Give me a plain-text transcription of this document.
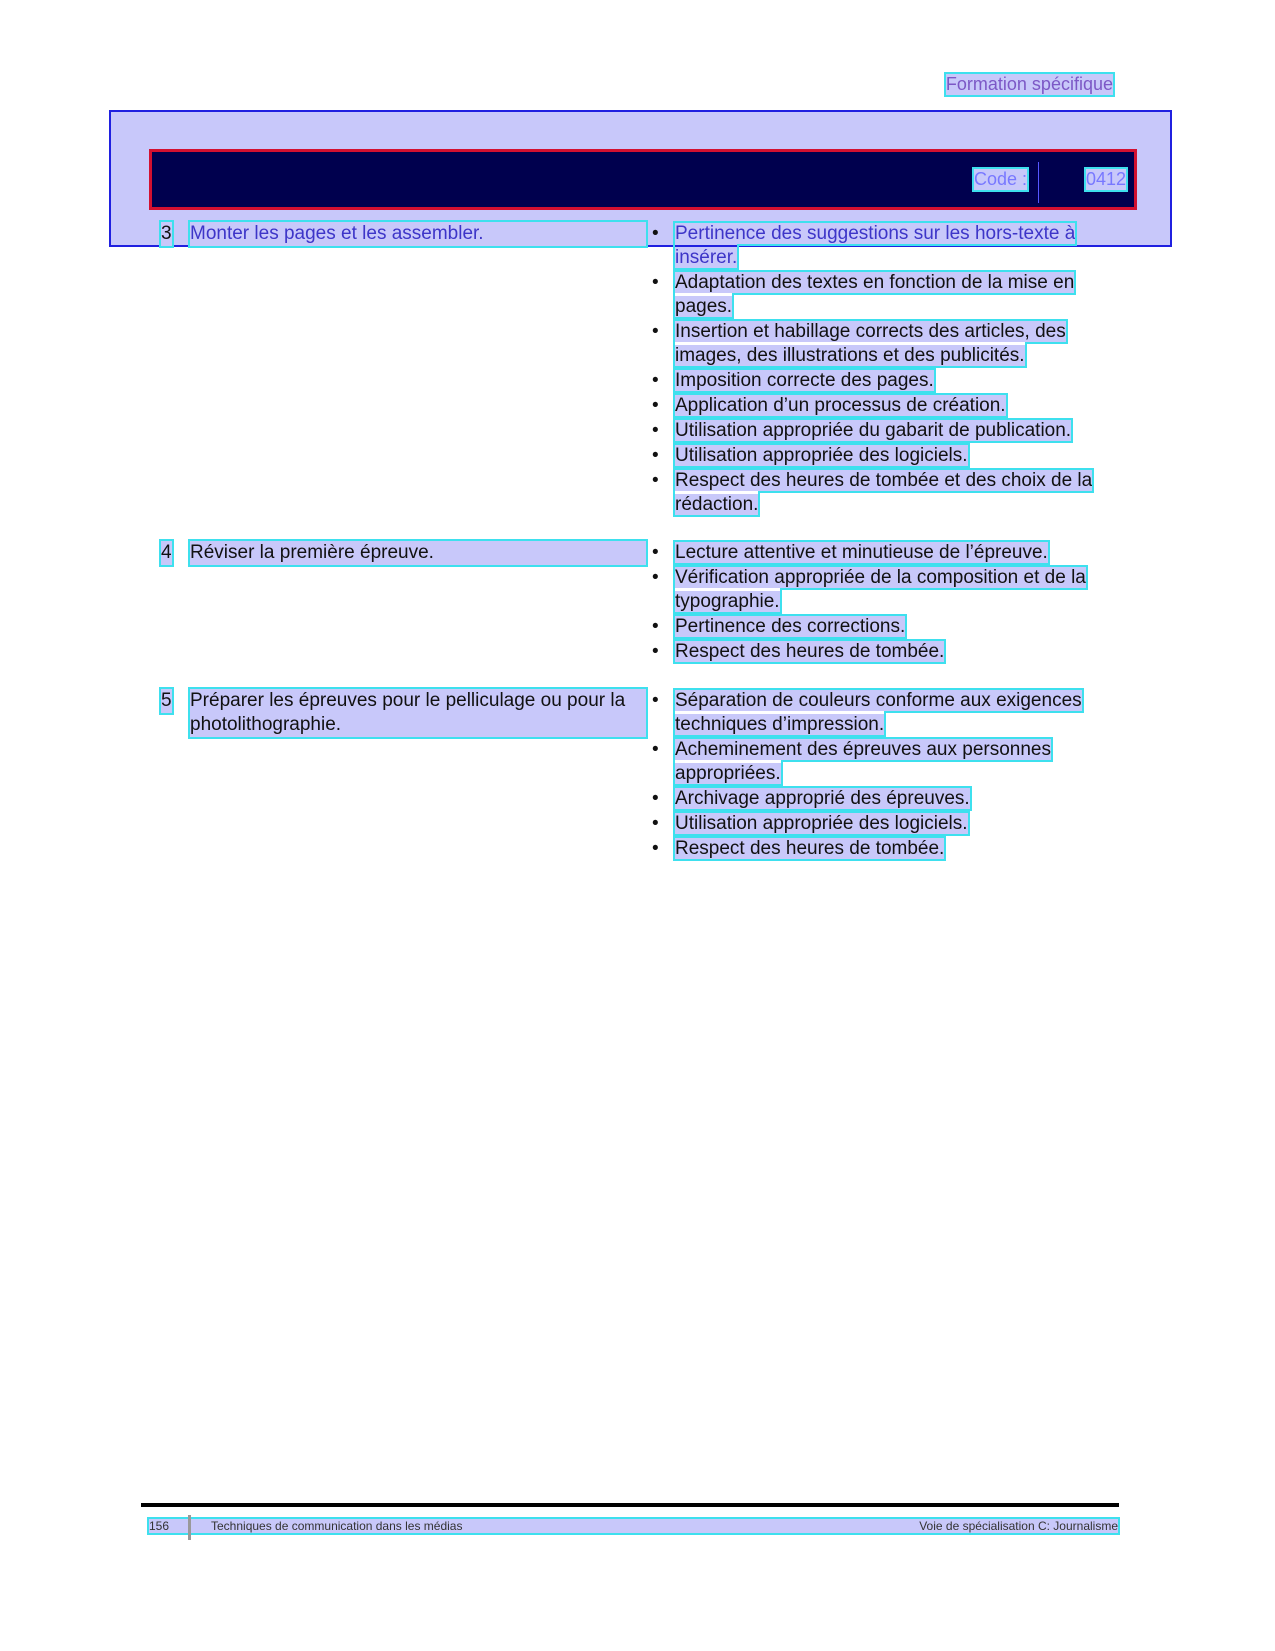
Formation spécifique
Code :	0412
3 Monter les pages et les assembler.	• Pertinence des suggestions sur les hors-texte à insérer.
• Adaptation des textes en fonction de la mise en pages.
• Insertion et habillage corrects des articles, des images, des illustrations et des publicités.
• Imposition correcte des pages.
• Application d’un processus de création.
• Utilisation appropriée du gabarit de publication.
• Utilisation appropriée des logiciels.
• Respect des heures de tombée et des choix de la rédaction.
4 Réviser la première épreuve.	• Lecture attentive et minutieuse de l’épreuve.
• Vérification appropriée de la composition et de la typographie.
• Pertinence des corrections.
• Respect des heures de tombée.
5 Préparer les épreuves pour le pelliculage ou pour la photolithographie.
• Séparation de couleurs conforme aux exigences techniques d’impression.
• Acheminement des épreuves aux personnes appropriées.
• Archivage approprié des épreuves.
• Utilisation appropriée des logiciels.
• Respect des heures de tombée.
156	Techniques de communication dans les médias	Voie de spécialisation C: Journalisme
